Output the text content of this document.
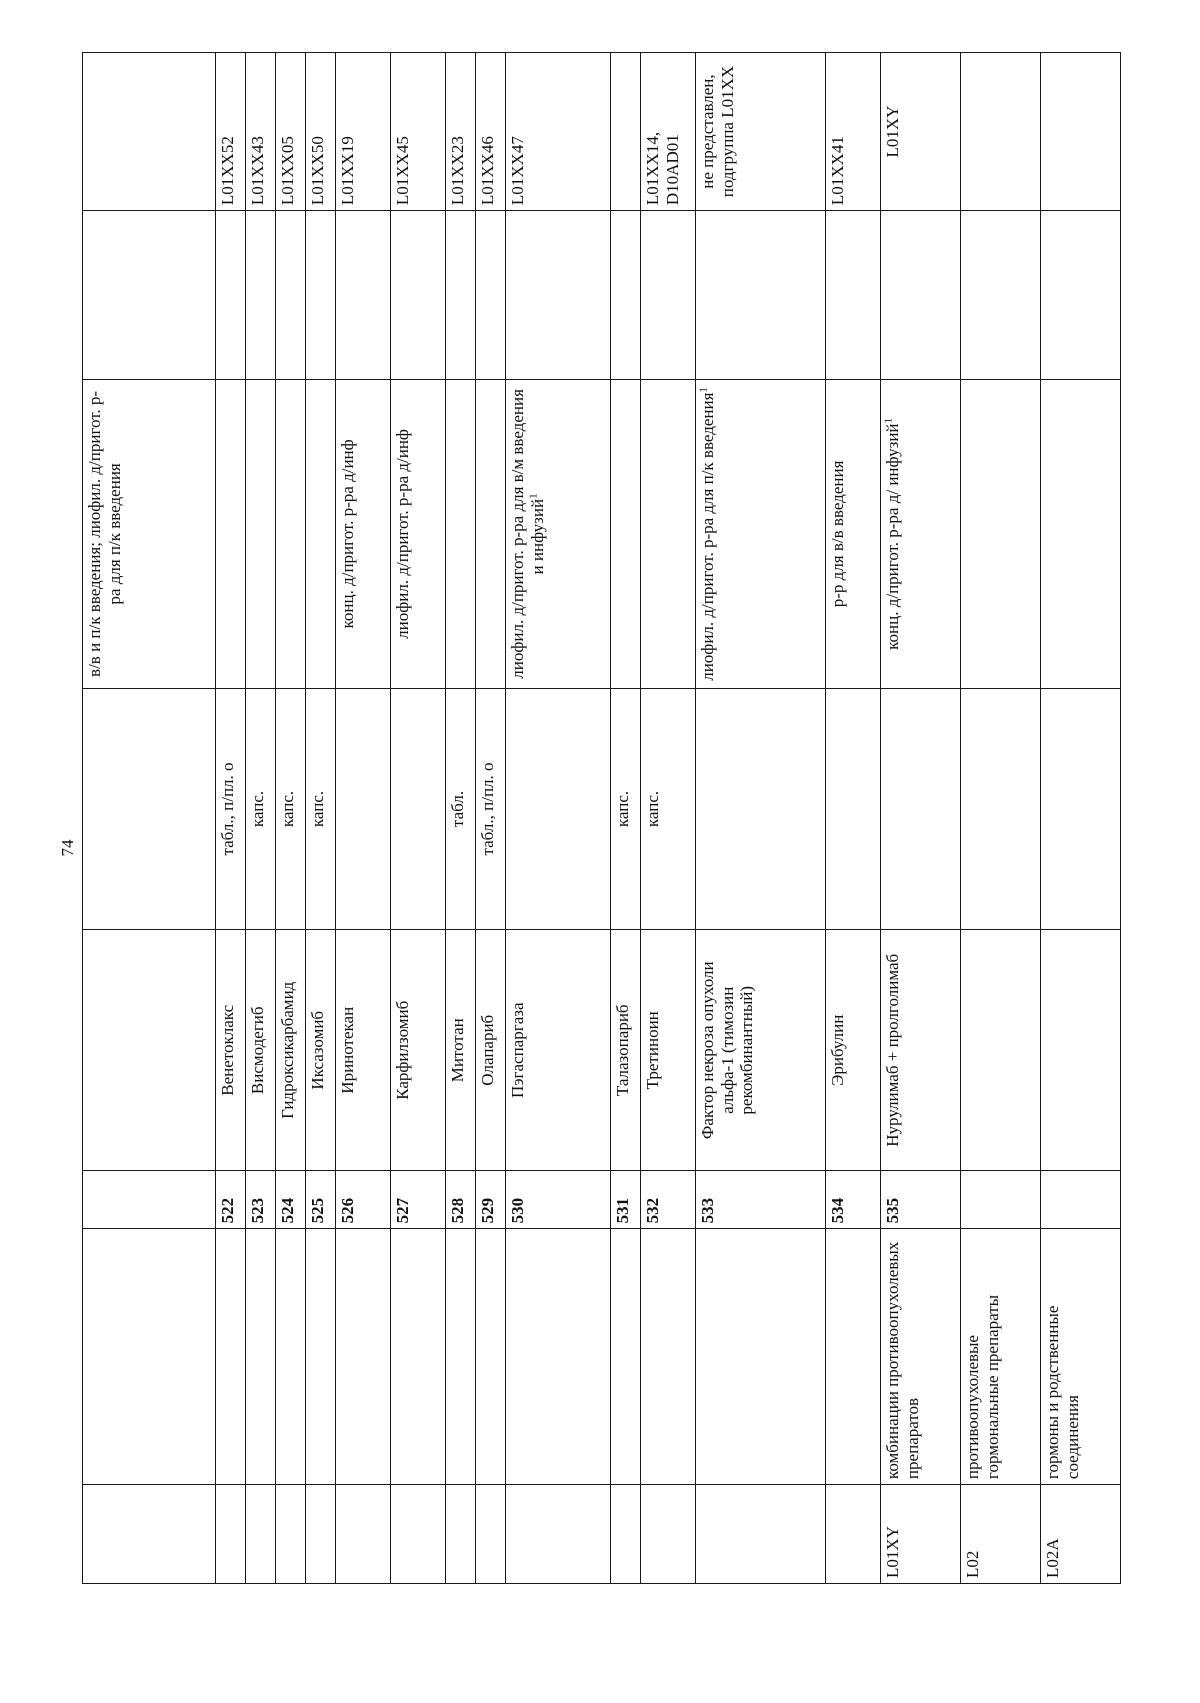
74
					в/в и п/к введения; лиофил. д/пригот. р-ра для п/к введения		
		522	Венетоклакс	табл., п/пл. о			L01XX52
		523	Висмодегиб	капс.			L01XX43
		524	Гидроксикарбамид	капс.			L01XX05
		525	Иксазомиб	капс.			L01XX50
		526	Иринотекан		конц. д/пригот. р-ра д/инф		L01XX19
		527	Карфилзомиб		лиофил. д/пригот. р-ра д/инф		L01XX45
		528	Митотан	табл.			L01XX23
		529	Олапариб	табл., п/пл. о			L01XX46
		530	Пэгаспаргаза		лиофил. д/пригот. р-ра для в/м введения и инфузий$^1$		L01XX47
		531	Талазопариб	капс.			
		532	Третиноин	капс.			L01XX14, D10AD01
		533	Фактор некроза опухоли альфа-1 (тимозин рекомбинантный)		лиофил. д/пригот. р-ра для п/к введения$^1$		не представлен, подгруппа L01XX
		534	Эрибулин		р-р для в/в введения		L01XX41
L01XY	комбинации противоопухолевых препаратов	535	Нурулимаб + пролголимаб		конц. д/пригот. р-ра д/ инфузий$^1$		L01XY
L02	противоопухолевые гормональные препараты						
L02A	гормоны и родственные соединения						
